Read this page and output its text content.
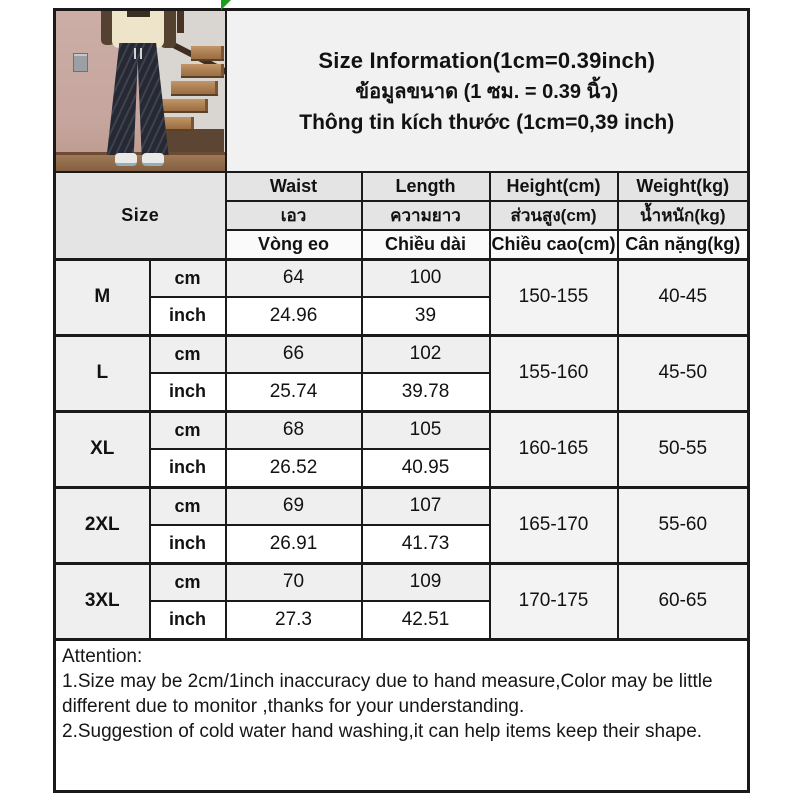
		Size Information(1cm=0.39inch)
ข้อมูลขนาด (1 ซม. = 0.39 นิ้ว)
Thông tin kích thước (1cm=0,39 inch)			

Size		Waist	Length	Height(cm)	Weight(kg)
		เอว	ความยาว	ส่วนสูง(cm)	น้ำหนัก(kg)
		Vòng eo	Chiều dài	Chiều cao(cm)	Cân nặng(kg)
M	cm	64	100	150-155	40-45
	inch	24.96	39		
L	cm	66	102	155-160	45-50
	inch	25.74	39.78		
XL	cm	68	105	160-165	50-55
	inch	26.52	40.95		
2XL	cm	69	107	165-170	55-60
	inch	26.91	41.73		
3XL	cm	70	109	170-175	60-65
	inch	27.3	42.51		

Attention:
1.Size may be 2cm/1inch inaccuracy due to hand measure,Color may be little different due to monitor ,thanks for your understanding.
2.Suggestion of cold water hand washing,it can help items keep their shape.					
